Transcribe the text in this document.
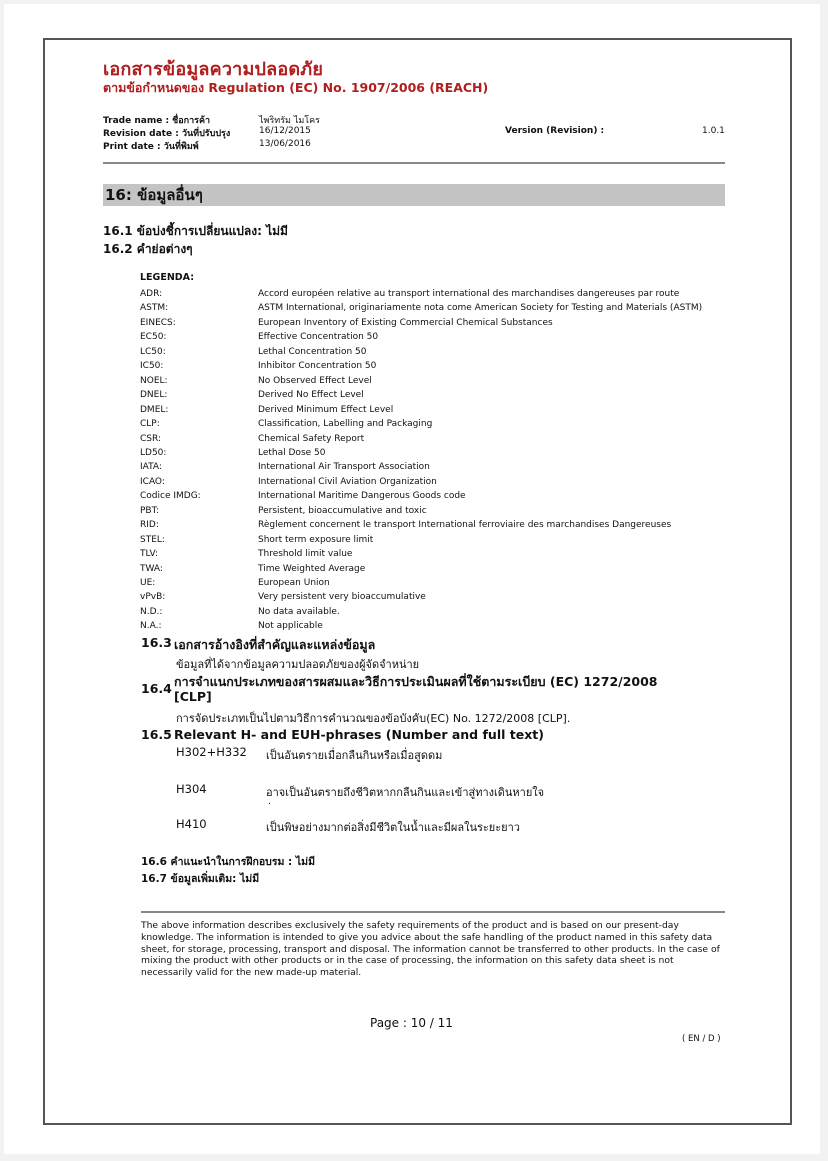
เอกสารข้อมูลความปลอดภัย
ตามข้อกำหนดของ Regulation (EC) No. 1907/2006 (REACH)
Trade name : ชื่อการค้า	ไพริทรัม ไมโคร
Revision date : วันที่ปรับปรุง	16/12/2015
Print date : วันที่พิมพ์	13/06/2016
Version (Revision) :	1.0.1
16: ข้อมูลอื่นๆ
16.1 ข้อบ่งชี้การเปลี่ยนแปลง: ไม่มี
16.2 คำย่อต่างๆ
LEGENDA:
ADR:	Accord européen relative au transport international des marchandises dangereuses par route
ASTM:	ASTM International, originariamente nota come American Society for Testing and Materials (ASTM)
EINECS:	European Inventory of Existing Commercial Chemical Substances
EC50:	Effective Concentration 50
LC50:	Lethal Concentration 50
IC50:	Inhibitor Concentration 50
NOEL:	No Observed Effect Level
DNEL:	Derived No Effect Level
DMEL:	Derived Minimum Effect Level
CLP:	Classification, Labelling and Packaging
CSR:	Chemical Safety Report
LD50:	Lethal Dose 50
IATA:	International Air Transport Association
ICAO:	International Civil Aviation Organization
Codice IMDG:	International Maritime Dangerous Goods code
PBT:	Persistent, bioaccumulative and toxic
RID:	Règlement concernent le transport International ferroviaire des marchandises Dangereuses
STEL:	Short term exposure limit
TLV:	Threshold limit value
TWA:	Time Weighted Average
UE:	European Union
vPvB:	Very persistent very bioaccumulative
N.D.:	No data available.
N.A.:	Not applicable
16.3 เอกสารอ้างอิงที่สำคัญและแหล่งข้อมูล
ข้อมูลที่ได้จากข้อมูลความปลอดภัยของผู้จัดจำหน่าย
16.4 การจำแนกประเภทของสารผสมและวิธีการประเมินผลที่ใช้ตามระเบียบ (EC) 1272/2008
[CLP]
การจัดประเภทเป็นไปตามวิธีการคำนวณของข้อบังคับ(EC) No. 1272/2008 [CLP].
16.5 Relevant H- and EUH-phrases (Number and full text)
H302+H332 เป็นอันตรายเมื่อกลืนกินหรือเมื่อสูดดม
H304	อาจเป็นอันตรายถึงชีวิตหากกลืนกินและเข้าสู่ทางเดินหายใจ
.
H410	เป็นพิษอย่างมากต่อสิ่งมีชีวิตในน้ำและมีผลในระยะยาว
16.6 คำแนะนำในการฝึกอบรม : ไม่มี
16.7 ข้อมูลเพิ่มเติม: ไม่มี
The above information describes exclusively the safety requirements of the product and is based on our present-day knowledge. The information is intended to give you advice about the safe handling of the product named in this safety data sheet, for storage, processing, transport and disposal. The information cannot be transferred to other products. In the case of mixing the product with other products or in the case of processing, the information on this safety data sheet is not necessarily valid for the new made-up material.
Page : 10 / 11
( EN / D )
